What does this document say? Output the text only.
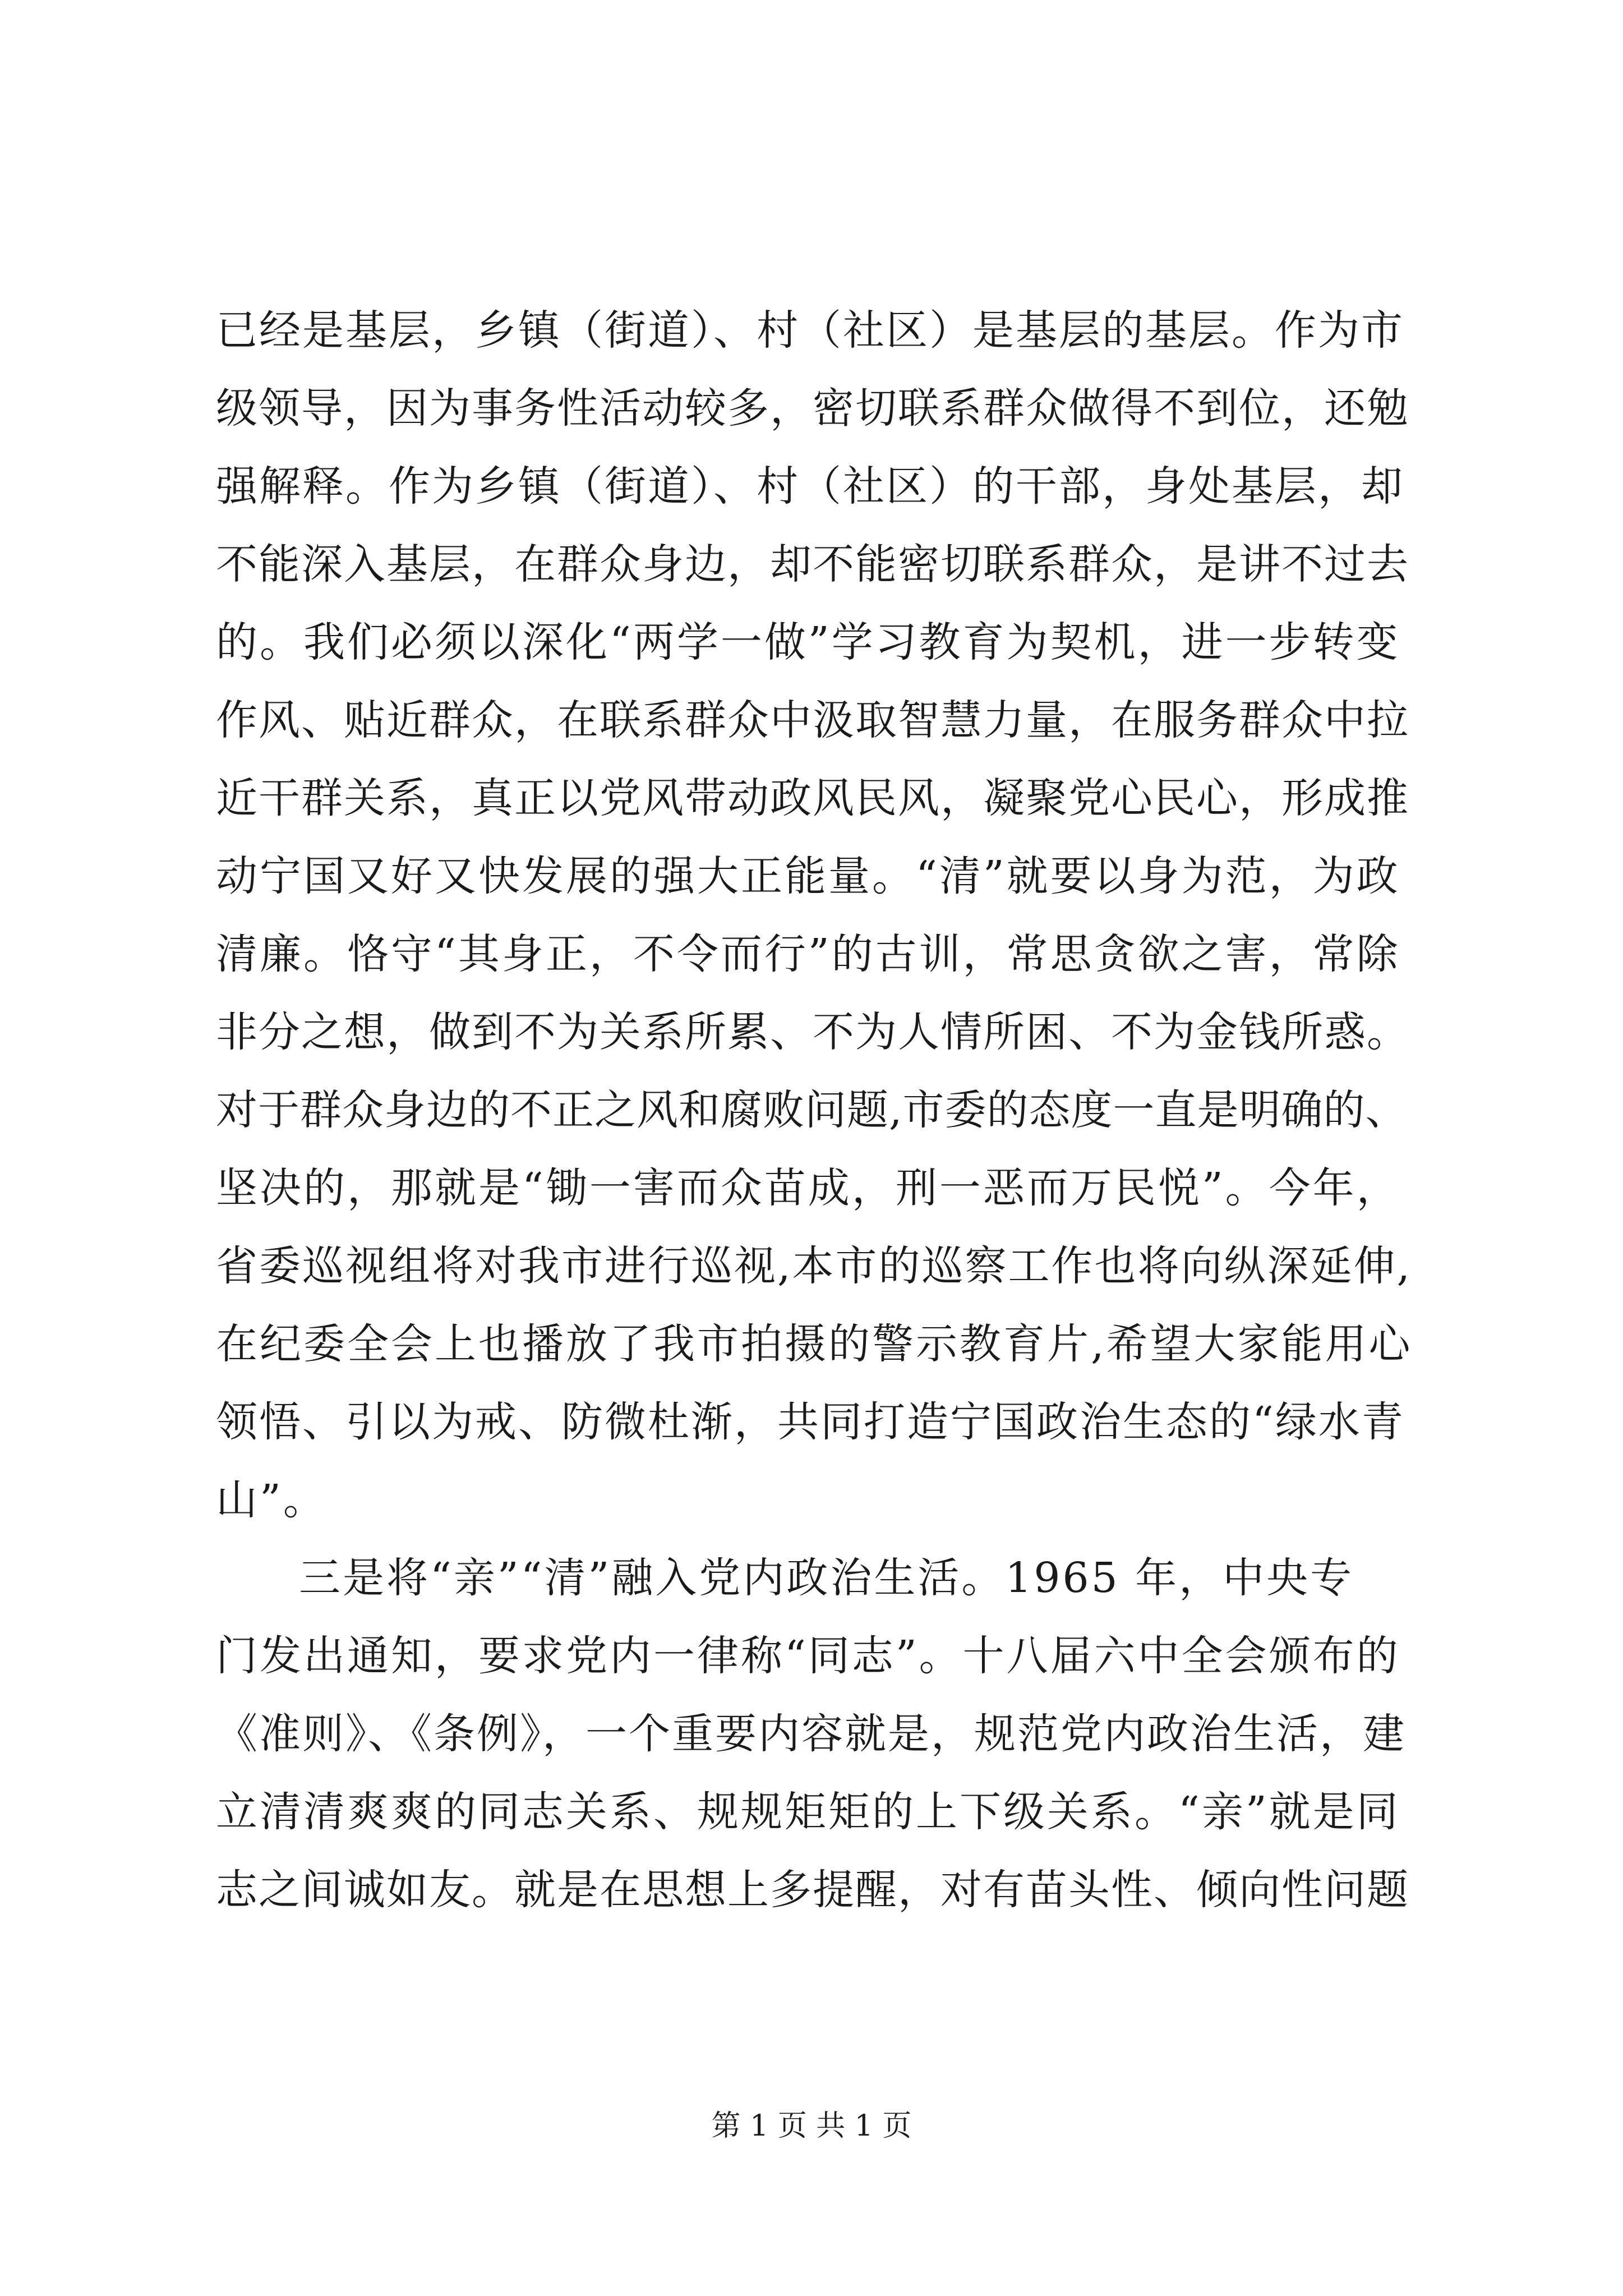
已经是基层，乡镇（街道）、村（社区）是基层的基层。作为市
级领导，因为事务性活动较多，密切联系群众做得不到位，还勉
强解释。作为乡镇（街道）、村（社区）的干部，身处基层，却
不能深入基层，在群众身边，却不能密切联系群众，是讲不过去
的。我们必须以深化“两学一做”学习教育为契机，进一步转变
作风、贴近群众，在联系群众中汲取智慧力量，在服务群众中拉
近干群关系，真正以党风带动政风民风，凝聚党心民心，形成推
动宁国又好又快发展的强大正能量。“清”就要以身为范，为政
清廉。恪守“其身正，不令而行”的古训，常思贪欲之害，常除
非分之想，做到不为关系所累、不为人情所困、不为金钱所惑。
对于群众身边的不正之风和腐败问题,市委的态度一直是明确的、
坚决的，那就是“锄一害而众苗成，刑一恶而万民悦”。今年，
省委巡视组将对我市进行巡视,本市的巡察工作也将向纵深延伸,
在纪委全会上也播放了我市拍摄的警示教育片,希望大家能用心
领悟、引以为戒、防微杜渐，共同打造宁国政治生态的“绿水青
山”。
三是将“亲”“清”融入党内政治生活。1965 年，中央专
门发出通知，要求党内一律称“同志”。十八届六中全会颁布的
《准则》、《条例》，一个重要内容就是，规范党内政治生活，建
立清清爽爽的同志关系、规规矩矩的上下级关系。“亲”就是同
志之间诚如友。就是在思想上多提醒，对有苗头性、倾向性问题
第 1 页 共 1 页
